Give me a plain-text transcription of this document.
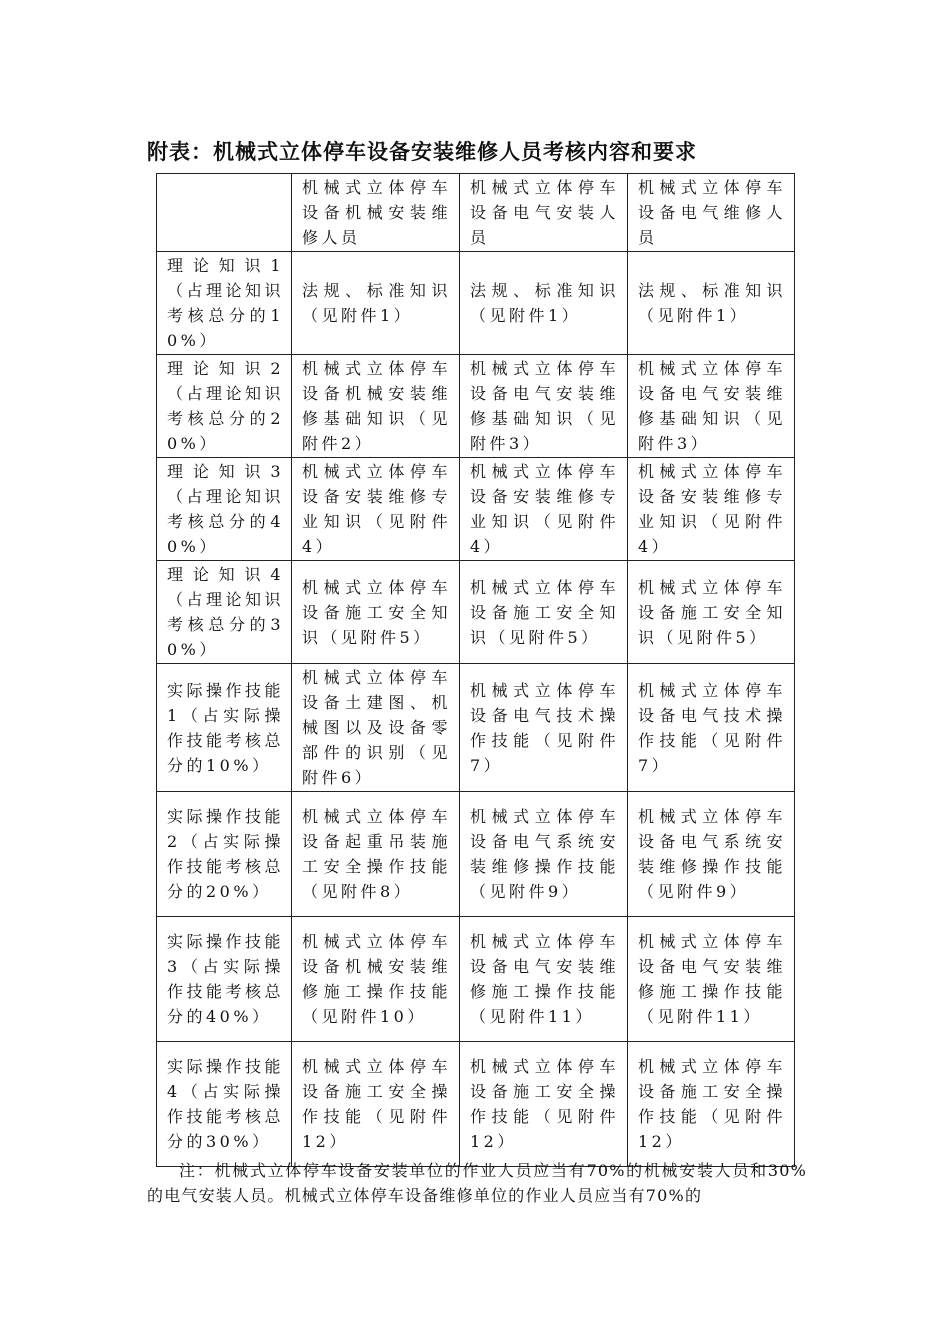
附表：机械式立体停车设备安装维修人员考核内容和要求
	机械式立体停车设备机械安装维修人员	机械式立体停车设备电气安装人员	机械式立体停车设备电气维修人员
理论知识1（占理论知识考核总分的10%）	法规、标准知识（见附件1）	法规、标准知识（见附件1）	法规、标准知识（见附件1）
理论知识2（占理论知识考核总分的20%）	机械式立体停车设备机械安装维修基础知识（见附件2）	机械式立体停车设备电气安装维修基础知识（见附件3）	机械式立体停车设备电气安装维修基础知识（见附件3）
理论知识3（占理论知识考核总分的40%）	机械式立体停车设备安装维修专业知识（见附件4）	机械式立体停车设备安装维修专业知识（见附件4）	机械式立体停车设备安装维修专业知识（见附件4）
理论知识4（占理论知识考核总分的30%）	机械式立体停车设备施工安全知识（见附件5）	机械式立体停车设备施工安全知识（见附件5）	机械式立体停车设备施工安全知识（见附件5）
实际操作技能1（占实际操作技能考核总分的10%）	机械式立体停车设备土建图、机械图以及设备零部件的识别（见附件6）	机械式立体停车设备电气技术操作技能（见附件7）	机械式立体停车设备电气技术操作技能（见附件7）
实际操作技能2（占实际操作技能考核总分的20%）	机械式立体停车设备起重吊装施工安全操作技能（见附件8）	机械式立体停车设备电气系统安装维修操作技能（见附件9）	机械式立体停车设备电气系统安装维修操作技能（见附件9）
实际操作技能3（占实际操作技能考核总分的40%）	机械式立体停车设备机械安装维修施工操作技能（见附件10）	机械式立体停车设备电气安装维修施工操作技能（见附件11）	机械式立体停车设备电气安装维修施工操作技能（见附件11）
实际操作技能4（占实际操作技能考核总分的30%）	机械式立体停车设备施工安全操作技能（见附件12）	机械式立体停车设备施工安全操作技能（见附件12）	机械式立体停车设备施工安全操作技能（见附件12）
注：机械式立体停车设备安装单位的作业人员应当有70%的机械安装人员和30%的电气安装人员。机械式立体停车设备维修单位的作业人员应当有70%的
